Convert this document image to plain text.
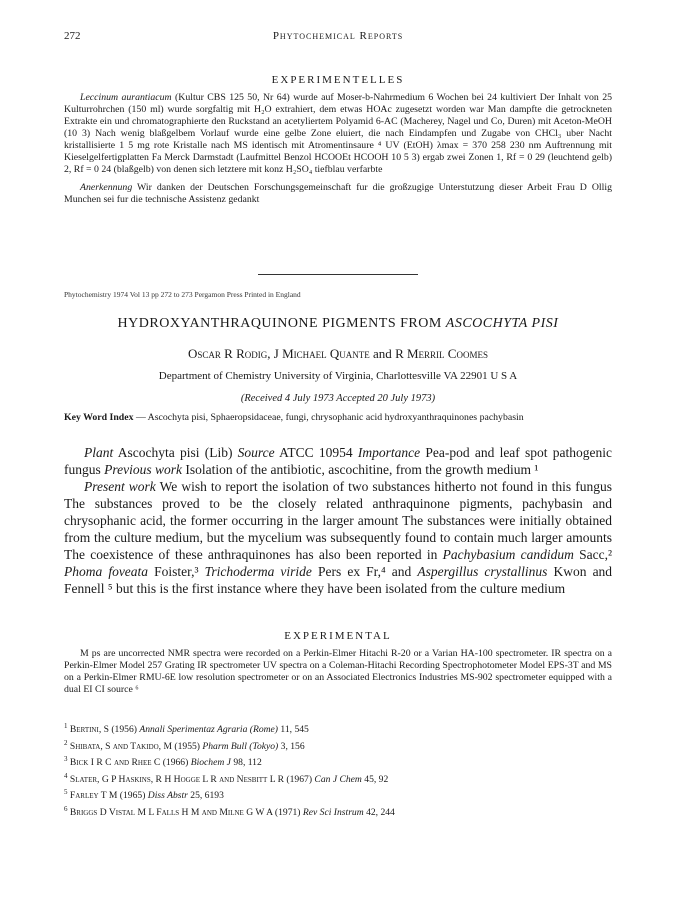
272	Phytochemical Reports
EXPERIMENTELLES

Leccinum aurantiacum (Kultur CBS 125 50, Nr 64) wurde auf Moser-b-Nahrmedium 6 Wochen bei 24 kultiviert Der Inhalt von 25 Kulturrohrchen (150 ml) wurde sorgfaltig mit H₂O extrahiert, dem etwas HOAc zugesetzt worden war Man dampfte die getrockneten Extrakte ein und chromatographierte den Ruckstand an acetyliertem Polyamid 6-AC (Macherey, Nagel und Co, Duren) mit Aceton-MeOH (10 3) Nach wenig blaßgelbem Vorlauf wurde eine gelbe Zone eluiert, die nach Eindampfen und Zugabe von CHCl₃ uber Nacht kristallisierte 1 5 mg rote Kristalle nach MS identisch mit Atromentinsaure ⁴ UV (EtOH) λmax = 370 258 230 nm Auftrennung mit Kieselgelfertigplatten Fa Merck Darmstadt (Laufmittel Benzol HCOOEt HCOOH 10 5 3) ergab zwei Zonen 1, Rf = 0 29 (leuchtend gelb) 2, Rf = 0 24 (blaßgelb) von denen sich letztere mit konz H₂SO₄ tiefblau verfarbte

Anerkennung Wir danken der Deutschen Forschungsgemeinschaft fur die großzugige Unterstutzung dieser Arbeit Frau D Ollig Munchen sei fur die technische Assistenz gedankt

Phytochemistry 1974 Vol 13 pp 272 to 273 Pergamon Press Printed in England
HYDROXYANTHRAQUINONE PIGMENTS FROM ASCOCHYTA PISI
Oscar R Rodig, J Michael Quante and R Merril Coomes
Department of Chemistry University of Virginia, Charlottesville VA 22901 U S A
(Received 4 July 1973 Accepted 20 July 1973)
Key Word Index — Ascochyta pisi, Sphaeropsidaceae, fungi, chrysophanic acid hydroxyanthraquinones pachybasin

Plant Ascochyta pisi (Lib) Source ATCC 10954 Importance Pea-pod and leaf spot pathogenic fungus Previous work Isolation of the antibiotic, ascochitine, from the growth medium ¹

Present work We wish to report the isolation of two substances hitherto not found in this fungus The substances proved to be the closely related anthraquinone pigments, pachybasin and chrysophanic acid, the former occurring in the larger amount The substances were initially obtained from the culture medium, but the mycelium was subsequently found to contain much larger amounts The coexistence of these anthraquinones has also been reported in Pachybasium candidum Sacc,² Phoma foveata Foister,³ Trichoderma viride Pers ex Fr,⁴ and Aspergillus crystallinus Kwon and Fennell ⁵ but this is the first instance where they have been isolated from the culture medium

EXPERIMENTAL

M ps are uncorrected NMR spectra were recorded on a Perkin-Elmer Hitachi R-20 or a Varian HA-100 spectrometer. IR spectra on a Perkin-Elmer Model 257 Grating IR spectrometer UV spectra on a Coleman-Hitachi Recording Spectrophotometer Model EPS-3T and MS on a Perkin-Elmer RMU-6E low resolution spectrometer or on an Associated Electronics Industries MS-902 spectrometer equipped with a dual EI CI source ⁶

$^1$ Bertini, S (1956) Annali Sperimentaz Agraria (Rome) 11, 545
$^2$ Shibata, S and Takido, M (1955) Pharm Bull (Tokyo) 3, 156
$^3$ Bick I R C and Rhee C (1966) Biochem J 98, 112
$^4$ Slater, G P Haskins, R H Hogge L R and Nesbitt L R (1967) Can J Chem 45, 92
$^5$ Farley T M (1965) Diss Abstr 25, 6193
$^6$ Briggs D Vistal M L Falls H M and Milne G W A (1971) Rev Sci Instrum 42, 244
